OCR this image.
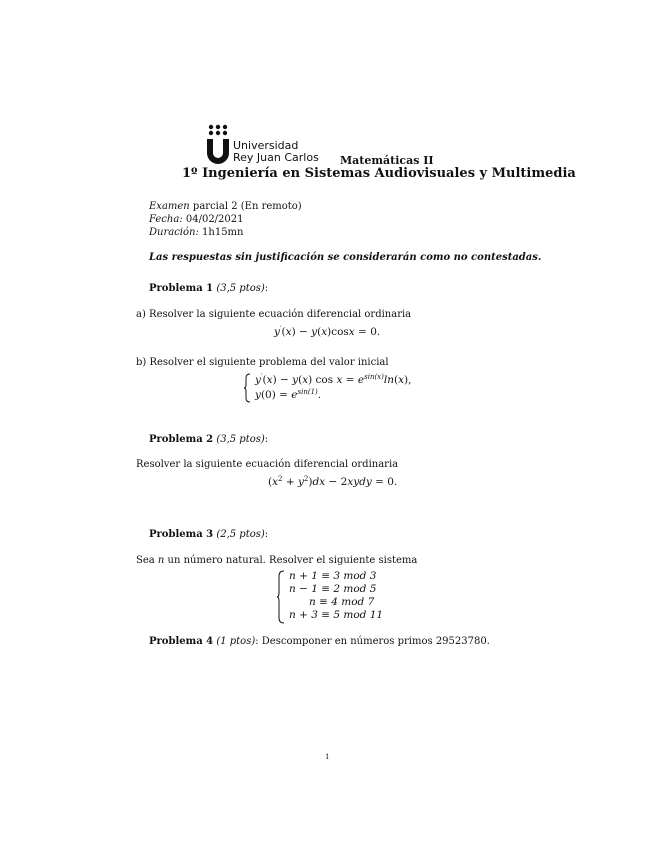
Universidad
Rey Juan Carlos Matemáticas II
1º Ingeniería en Sistemas Audiovisuales y Multimedia
Examen parcial 2 (En remoto)
Fecha: 04/02/2021
Duración: 1h15mn
Las respuestas sin justificación se considerarán como no contestadas.
Problema 1 (3,5 ptos):
a) Resolver la siguiente ecuación diferencial ordinaria
y′(x) − y(x)cosx = 0.
b) Resolver el siguiente problema del valor inicial
y′(x) − y(x) $\cos x = e^{sin(x)}\ln(x)$,
$y(0) = e^{sin(1)}$.
Problema 2 (3,5 ptos):
Resolver la siguiente ecuación diferencial ordinaria
$(x^2 + y^2)dx$ − 2xydy = 0.
Problema 3 (2,5 ptos):
Sea n un número natural. Resolver el siguiente sistema
n + 1 ≡ 3 mod 3
n − 1 ≡ 2 mod 5
n ≡ 4 mod 7
n + 3 ≡ 5 mod 11
Problema 4 (1 ptos): Descomponer en números primos 29523780.
1
